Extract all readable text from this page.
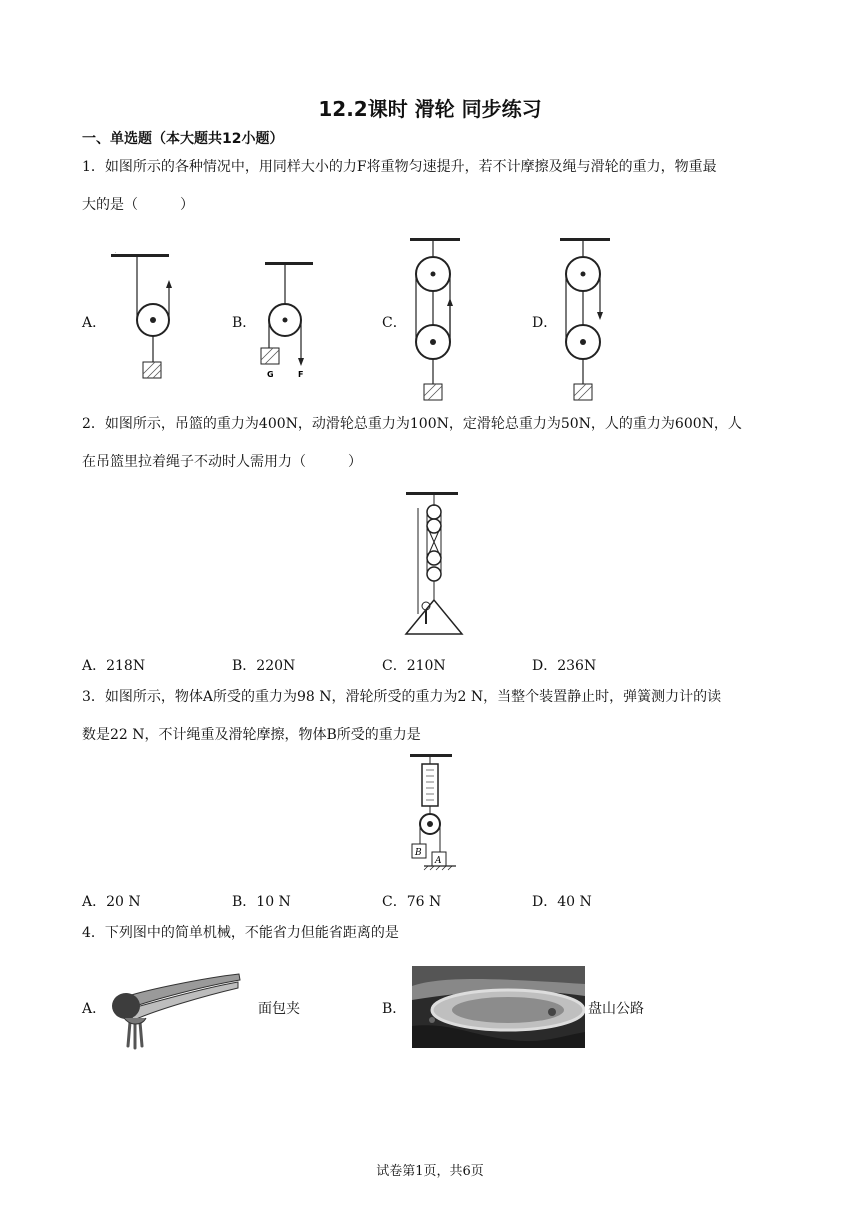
12.2课时 滑轮 同步练习
一、单选题（本大题共12小题）
1．如图所示的各种情况中，用同样大小的力F将重物匀速提升，若不计摩擦及绳与滑轮的重力，物重最
大的是（　　　）
A．	B．	C．	D．
G	F
2．如图所示，吊篮的重力为400N，动滑轮总重力为100N，定滑轮总重力为50N，人的重力为600N，人
在吊篮里拉着绳子不动时人需用力（　　　）
A．218N	B．220N	C．210N	D．236N
3．如图所示，物体A所受的重力为98 N，滑轮所受的重力为2 N，当整个装置静止时，弹簧测力计的读
数是22 N，不计绳重及滑轮摩擦，物体B所受的重力是
B
A
A．20 N	B．10 N	C．76 N	D．40 N
4．下列图中的简单机械，不能省力但能省距离的是
A．	面包夹	B．	盘山公路
试卷第1页，共6页
